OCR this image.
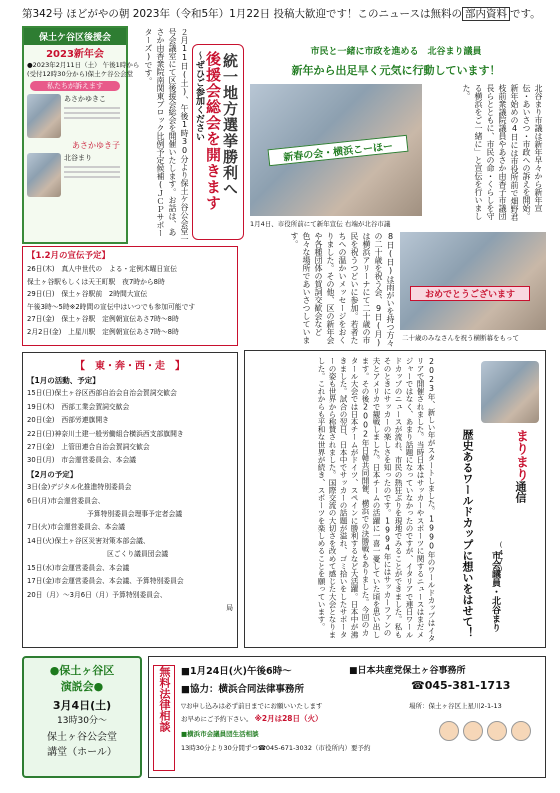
第342号 ほどがやの朝 2023年（令和5年）1月22日 投稿大歓迎です！このニュースは無料の 部内資料 です。
保土ケ谷区後援会
2023新年会
●2023年2月11日（土） 午後1時から
(受付12時30分から)保土ケ谷公会堂
私たちが訴えます
あさかゆきこ
あさかゆき子
北谷まり	２月11日(土)、午後1時30分より保土ケ谷公会堂一号会議室にて区後援会総会を開催いたします。お話は、あさか由香衆院南関東ブロック比例予定候補(ＪＣＰサポーターズ)です。	統一地方選挙勝利へ
後援会総会を開きます
〜ぜひご参加ください
【1.2月の宣伝予定】
26日(木)　真人中世代の　よる・定例木曜日宣伝
保土ヶ谷駅もしくは天王町駅　夜7時から8時
29日(日)　保土ヶ谷駅前　2時間大宣伝
午後3時〜5時※2時間の宣伝中はいつでも参加可能です
27日(金)　保土ヶ谷駅　定例朝宣伝あさ7時〜8時
2月2日(金)　上星川駅　定例朝宣伝あさ7時〜8時
【　東・奔・西・走　】
【1月の活動、予定】
15日(日)保土ヶ谷区西部自治会自治会賀詞交歓会
19日(木)　西部工業会賀詞交歓会
20日(金)　西部労連旗開き
22日(日)神奈川土建一般労働組合横浜西支部旗開き
27日(金)　上管田連合自治会賀詞交歓会
30日(月)　市会運営委員会、本会議
【2月の予定】
3日(金)デジタル化推進特別委員会
6日(月)市会運営委員会、
予算特別委員会理事予定者会議
7日(火)市会運営委員会、本会議
14日(火)保土ヶ谷区災害対策本部会議、
区ごくり議員団会議
15日(水)市会運営委員会、本会議
17日(金)市会運営委員会、本会議、予算特別委員会
20日（月）〜3月6日（月）予算特別委員会、
局
市民と一緒に市政を進める　北谷まり議員
新年から出足早く元気に行動しています！
新春の会・横浜こーほー
1月4日、市役所前にて新年宣伝 右端が北谷市議
北谷まり市議は新年早々から新年宣伝・あいさつ・市政への訴えを開始。新年始めの4日には市役所前で畑野君枝前衆議院議員やあさか由香子市議団長らとともに、市民の命・くらしを守る横浜をご一緒に」と宣伝を行いました。
8日(日)は雨がいを持つ方々の二十歳を祝う会、9日(月)は横浜アリーナにて二十歳の市民を祝うつどいに参加。若者たちへの温かいメッセージをおくりました。その他、区の新年会や各種団体の賀詞交歓会など色々な場所であいさつしています。
おめでとうございます
二十歳のみなさんを祝う横断幕をもって
2023年、新しい年がスタートしました。1990年のワールドカップはイタリアで開催されました。当時日本はサッカーやスポーツに関するニュースはまだメジャーではなく、あまり話題になっていなかったのですが、イタリアで連日ワールドカップのニュースが流れ、市民の熱狂ぶりを現地でみることができました。私もそのときにサッカーの楽しさを知ったのです。1994年にはサッカーファンの夫とアメリカで観戦しました。日本チームの活躍に一喜一憂していた頃を思い出します。その後2002年日韓共同開催、横浜での決勝戦もありました。今回のカタール大会では日本チームがドイツ、スペインに勝利するなど大活躍。日本中が沸きました。試合の翌日、日本中でサッカーの話題が溢れ、ゴミ拾いをしたサポーターの姿も世界から称賛されました。国際交流の大切さを改めて感じた大会となりました。これからも平和な世界が続き、スポーツを楽しめることを願っています。	まりまり通信
(47)
市会議員・北谷まり
歴史あるワールドカップに想いをはせて！
●保土ヶ谷区
演説会●
3月4日(土)
13時30分〜
保土ヶ谷公会堂
講堂（ホール）
無料法律相談	■1月24日(火)午後6時〜	■日本共産党保土ヶ谷事務所
■協力：横浜合同法律事務所	☎045-381-1713
▽お申し込みは必ず前日までにお願いいたします
お早めにご予約下さい。 ※2月は28日（火）
場所：保土ヶ谷区上星川2-1-13
■横浜市会議員団生活相談
13時30分より30分間ずつ☎045-671-3032（市役所内）要予約
